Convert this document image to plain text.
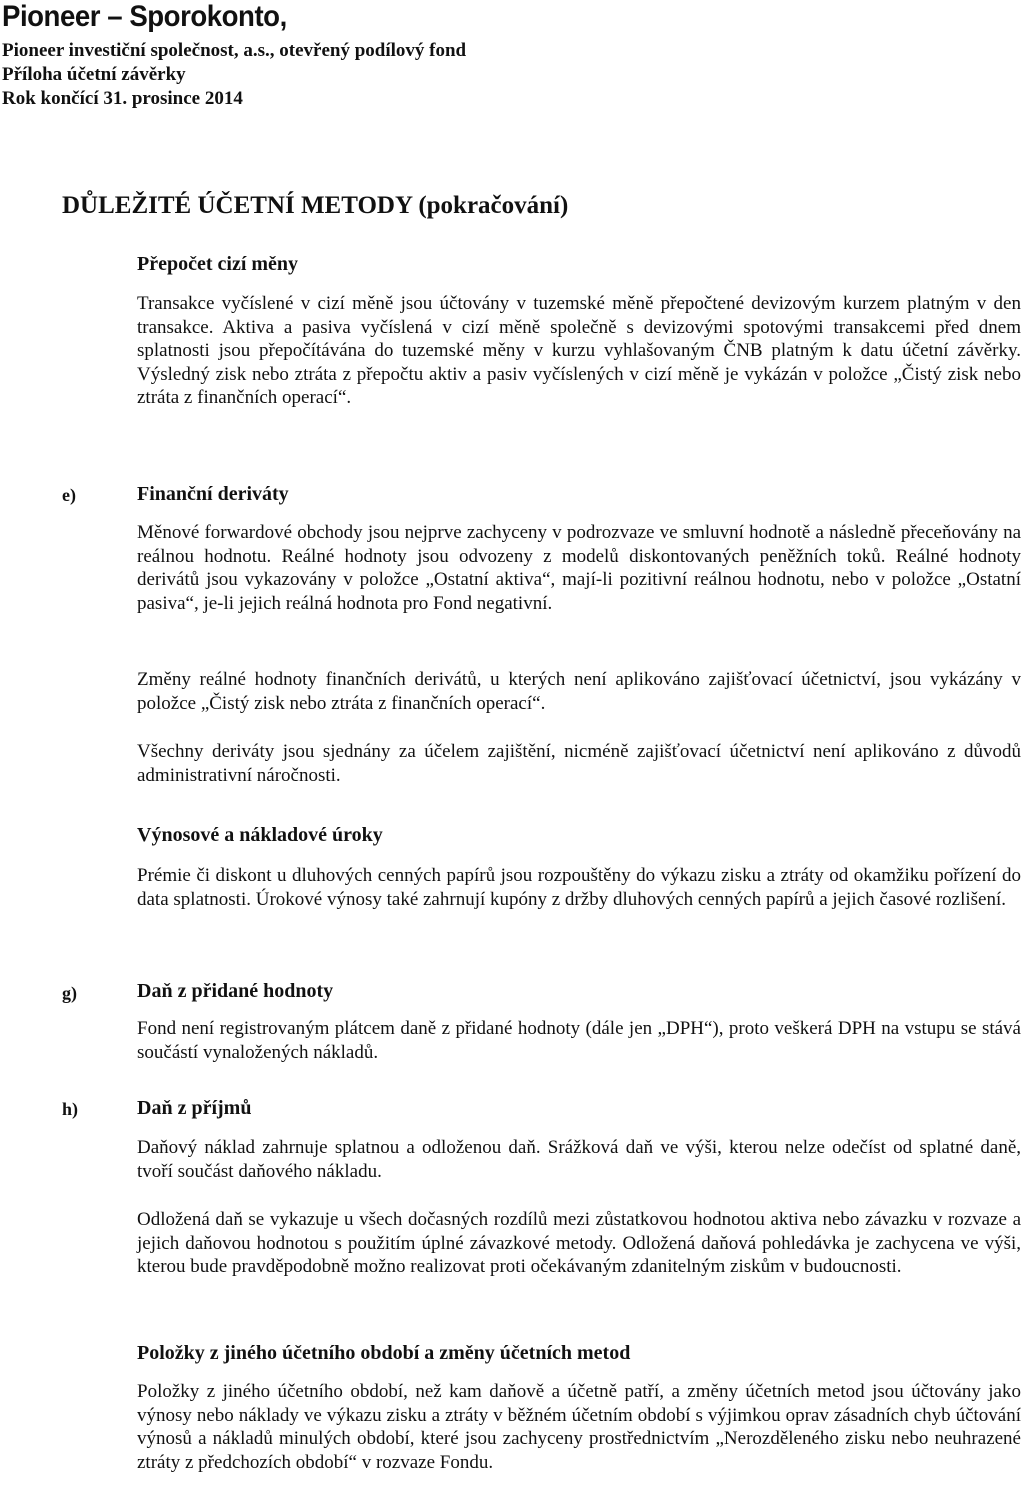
Pioneer – Sporokonto,
Pioneer investiční společnost, a.s., otevřený podílový fond
Příloha účetní závěrky
Rok končící 31. prosince 2014
DŮLEŽITÉ ÚČETNÍ METODY (pokračování)
Přepočet cizí měny
Transakce vyčíslené v cizí měně jsou účtovány v tuzemské měně přepočtené devizovým kurzem platným v den transakce. Aktiva a pasiva vyčíslená v cizí měně společně s devizovými spotovými transakcemi před dnem splatnosti jsou přepočítávána do tuzemské měny v kurzu vyhlašovaným ČNB platným k datu účetní závěrky. Výsledný zisk nebo ztráta z přepočtu aktiv a pasiv vyčíslených v cizí měně je vykázán v položce „Čistý zisk nebo ztráta z finančních operací“.
e)	Finanční deriváty
Měnové forwardové obchody jsou nejprve zachyceny v podrozvaze ve smluvní hodnotě a následně přeceňovány na reálnou hodnotu. Reálné hodnoty jsou odvozeny z modelů diskontovaných peněžních toků. Reálné hodnoty derivátů jsou vykazovány v položce „Ostatní aktiva“, mají-li pozitivní reálnou hodnotu, nebo v položce „Ostatní pasiva“, je-li jejich reálná hodnota pro Fond negativní.
Změny reálné hodnoty finančních derivátů, u kterých není aplikováno zajišťovací účetnictví, jsou vykázány v položce „Čistý zisk nebo ztráta z finančních operací“.
Všechny deriváty jsou sjednány za účelem zajištění, nicméně zajišťovací účetnictví není aplikováno z důvodů administrativní náročnosti.
Výnosové a nákladové úroky
Prémie či diskont u dluhových cenných papírů jsou rozpouštěny do výkazu zisku a ztráty od okamžiku pořízení do data splatnosti. Úrokové výnosy také zahrnují kupóny z držby dluhových cenných papírů a jejich časové rozlišení.
g)	Daň z přidané hodnoty
Fond není registrovaným plátcem daně z přidané hodnoty (dále jen „DPH“), proto veškerá DPH na vstupu se stává součástí vynaložených nákladů.
h)	Daň z příjmů
Daňový náklad zahrnuje splatnou a odloženou daň. Srážková daň ve výši, kterou nelze odečíst od splatné daně, tvoří součást daňového nákladu.
Odložená daň se vykazuje u všech dočasných rozdílů mezi zůstatkovou hodnotou aktiva nebo závazku v rozvaze a jejich daňovou hodnotou s použitím úplné závazkové metody. Odložená daňová pohledávka je zachycena ve výši, kterou bude pravděpodobně možno realizovat proti očekávaným zdanitelným ziskům v budoucnosti.
Položky z jiného účetního období a změny účetních metod
Položky z jiného účetního období, než kam daňově a účetně patří, a změny účetních metod jsou účtovány jako výnosy nebo náklady ve výkazu zisku a ztráty v běžném účetním období s výjimkou oprav zásadních chyb účtování výnosů a nákladů minulých období, které jsou zachyceny prostřednictvím „Nerozděleného zisku nebo neuhrazené ztráty z předchozích období“ v rozvaze Fondu.
